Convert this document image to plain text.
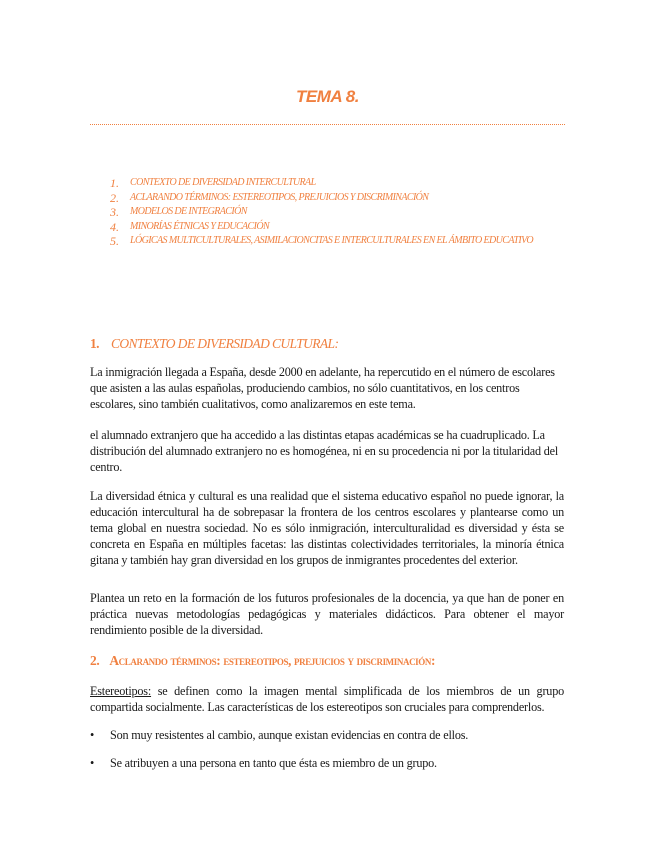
TEMA 8.
1. CONTEXTO DE DIVERSIDAD INTERCULTURAL
2. ACLARANDO TÉRMINOS: ESTEREOTIPOS, PREJUICIOS Y DISCRIMINACIÓN
3. MODELOS DE INTEGRACIÓN
4. MINORÍAS ÉTNICAS Y EDUCACIÓN
5. LÓGICAS MULTICULTURALES, ASIMILACIONCITAS E INTERCULTURALES EN EL ÁMBITO EDUCATIVO
1. CONTEXTO DE DIVERSIDAD CULTURAL:

La inmigración llegada a España, desde 2000 en adelante, ha repercutido en el número de escolares que asisten a las aulas españolas, produciendo cambios, no sólo cuantitativos, en los centros escolares, sino también cualitativos, como analizaremos en este tema.

el alumnado extranjero que ha accedido a las distintas etapas académicas se ha cuadruplicado. La distribución del alumnado extranjero no es homogénea, ni en su procedencia ni por la titularidad del centro.

La diversidad étnica y cultural es una realidad que el sistema educativo español no puede ignorar, la educación intercultural ha de sobrepasar la frontera de los centros escolares y plantearse como un tema global en nuestra sociedad. No es sólo inmigración, interculturalidad es diversidad y ésta se concreta en España en múltiples facetas: las distintas colectividades territoriales, la minoría étnica gitana y también hay gran diversidad en los grupos de inmigrantes procedentes del exterior.

Plantea un reto en la formación de los futuros profesionales de la docencia, ya que han de poner en práctica nuevas metodologías pedagógicas y materiales didácticos. Para obtener el mayor rendimiento posible de la diversidad.

2. Aclarando términos: estereotipos, prejuicios y discriminación:

Estereotipos: se definen como la imagen mental simplificada de los miembros de un grupo compartida socialmente. Las características de los estereotipos son cruciales para comprenderlos.

• Son muy resistentes al cambio, aunque existan evidencias en contra de ellos.
• Se atribuyen a una persona en tanto que ésta es miembro de un grupo.
